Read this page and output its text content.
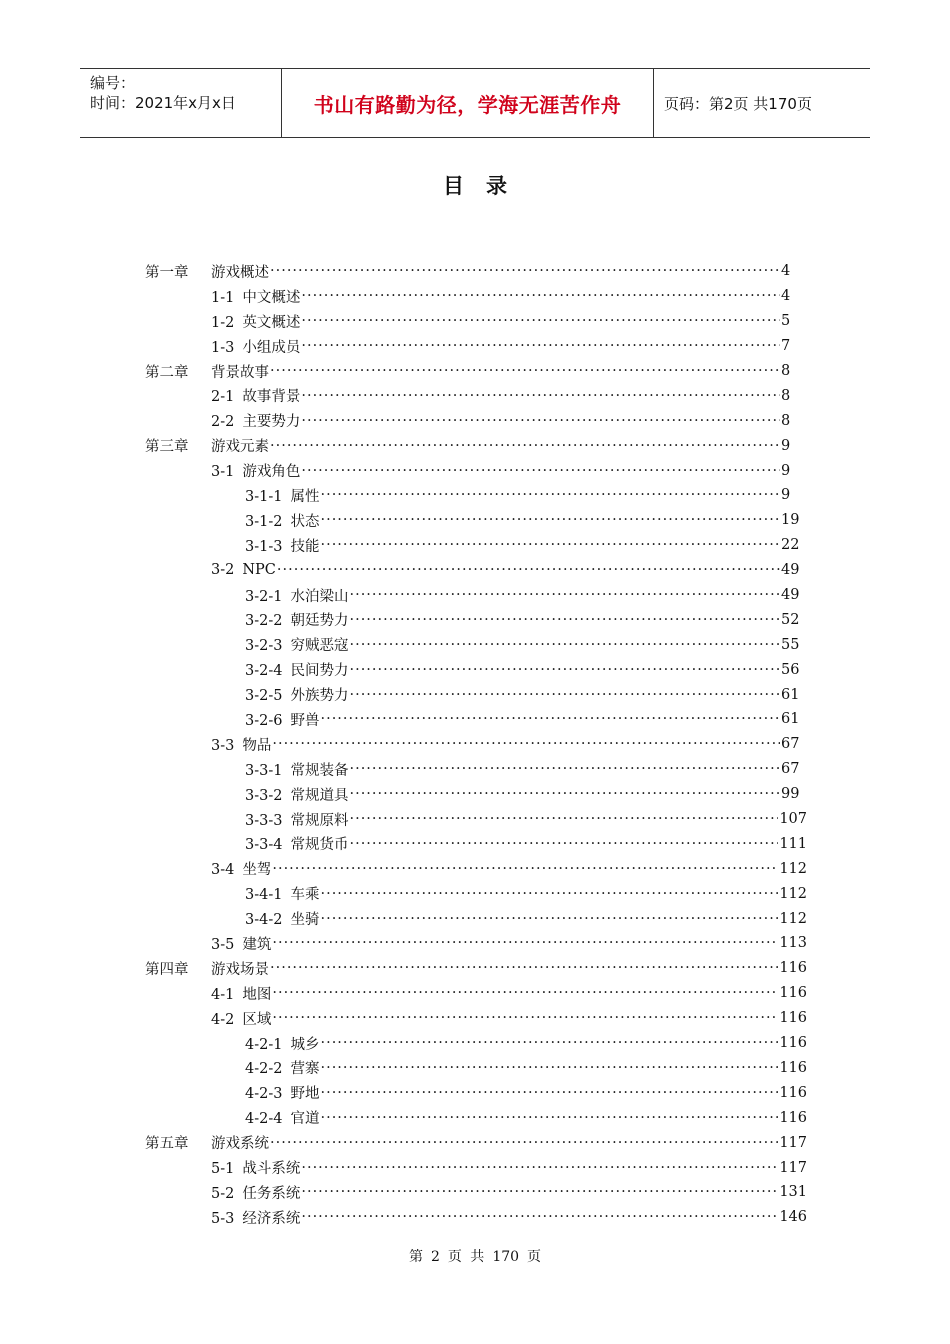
编号：
时间：2021年x月x日	书山有路勤为径，学海无涯苦作舟	页码：第2页 共170页
目录
第一章 游戏概述 ·····	4
1-1 中文概述 ·····	4
1-2 英文概述 ·····	5
1-3 小组成员 ·····	7
第二章 背景故事 ·····	8
2-1 故事背景 ·····	8
2-2 主要势力 ·····	8
第三章 游戏元素 ·····	9
3-1 游戏角色 ·····	9
3-1-1 属性 ·····	9
3-1-2 状态 ·····	19
3-1-3 技能 ·····	22
3-2 NPC ·····	49
3-2-1 水泊梁山 ·····	49
3-2-2 朝廷势力 ·····	52
3-2-3 穷贼恶寇 ·····	55
3-2-4 民间势力 ·····	56
3-2-5 外族势力 ·····	61
3-2-6 野兽 ·····	61
3-3 物品 ·····	67
3-3-1 常规装备 ·····	67
3-3-2 常规道具 ·····	99
3-3-3 常规原料 ·····	107
3-3-4 常规货币 ·····	111
3-4 坐驾 ·····	112
3-4-1 车乘 ·····	112
3-4-2 坐骑 ·····	112
3-5 建筑 ·····	113
第四章 游戏场景 ·····	116
4-1 地图 ·····	116
4-2 区域 ·····	116
4-2-1 城乡 ·····	116
4-2-2 营寨 ·····	116
4-2-3 野地 ·····	116
4-2-4 官道 ·····	116
第五章 游戏系统 ·····	117
5-1 战斗系统 ·····	117
5-2 任务系统 ·····	131
5-3 经济系统 ·····	146
第 2 页 共 170 页
